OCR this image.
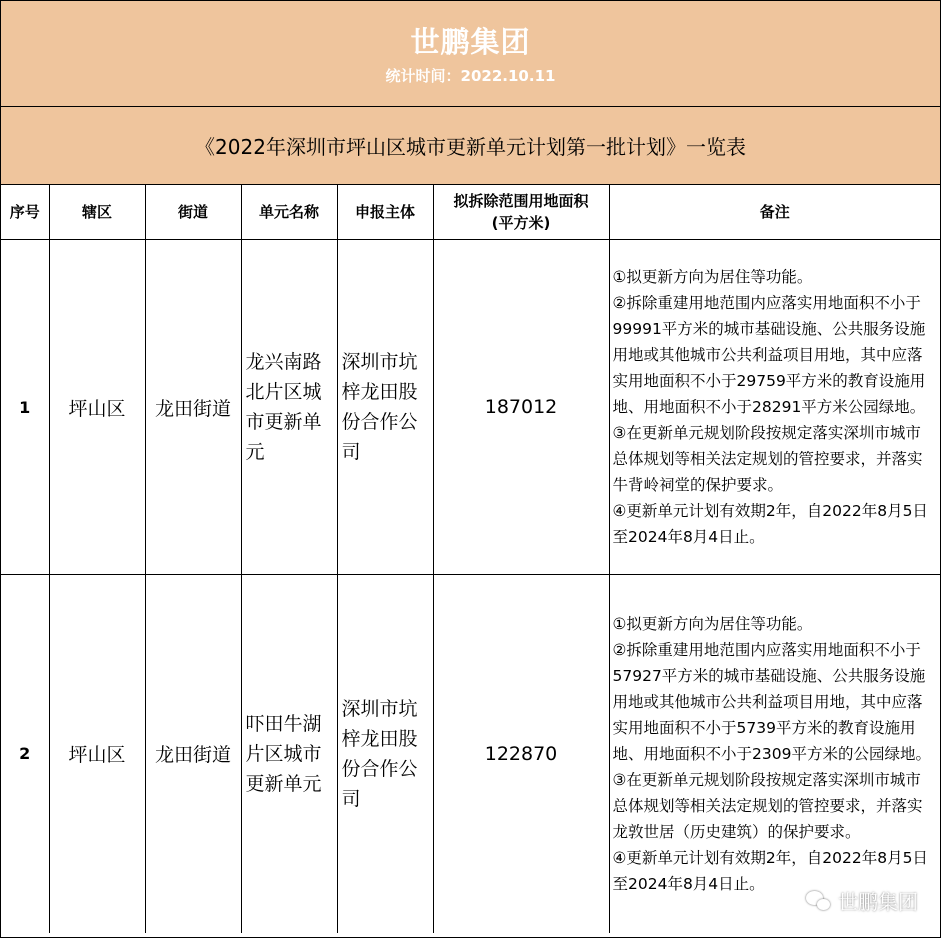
世鹏集团
统计时间：2022.10.11
《2022年深圳市坪山区城市更新单元计划第一批计划》一览表
序号	辖区	街道	单元名称	申报主体	拟拆除范围用地面积
(平方米)	备注
1	坪山区	龙田街道	龙兴南路北片区城市更新单元	深圳市坑梓龙田股份合作公司	187012	①拟更新方向为居住等功能。
②拆除重建用地范围内应落实用地面积不小于99991平方米的城市基础设施、公共服务设施用地或其他城市公共利益项目用地，其中应落实用地面积不小于29759平方米的教育设施用地、用地面积不小于28291平方米公园绿地。
③在更新单元规划阶段按规定落实深圳市城市总体规划等相关法定规划的管控要求，并落实牛背岭祠堂的保护要求。
④更新单元计划有效期2年，自2022年8月5日至2024年8月4日止。

2	坪山区	龙田街道	吓田牛湖片区城市更新单元	深圳市坑梓龙田股份合作公司	122870	①拟更新方向为居住等功能。
②拆除重建用地范围内应落实用地面积不小于57927平方米的城市基础设施、公共服务设施用地或其他城市公共利益项目用地，其中应落实用地面积不小于5739平方米的教育设施用地、用地面积不小于2309平方米的公园绿地。
③在更新单元规划阶段按规定落实深圳市城市总体规划等相关法定规划的管控要求，并落实龙敦世居（历史建筑）的保护要求。
④更新单元计划有效期2年，自2022年8月5日至2024年8月4日止。
世鹏集团
